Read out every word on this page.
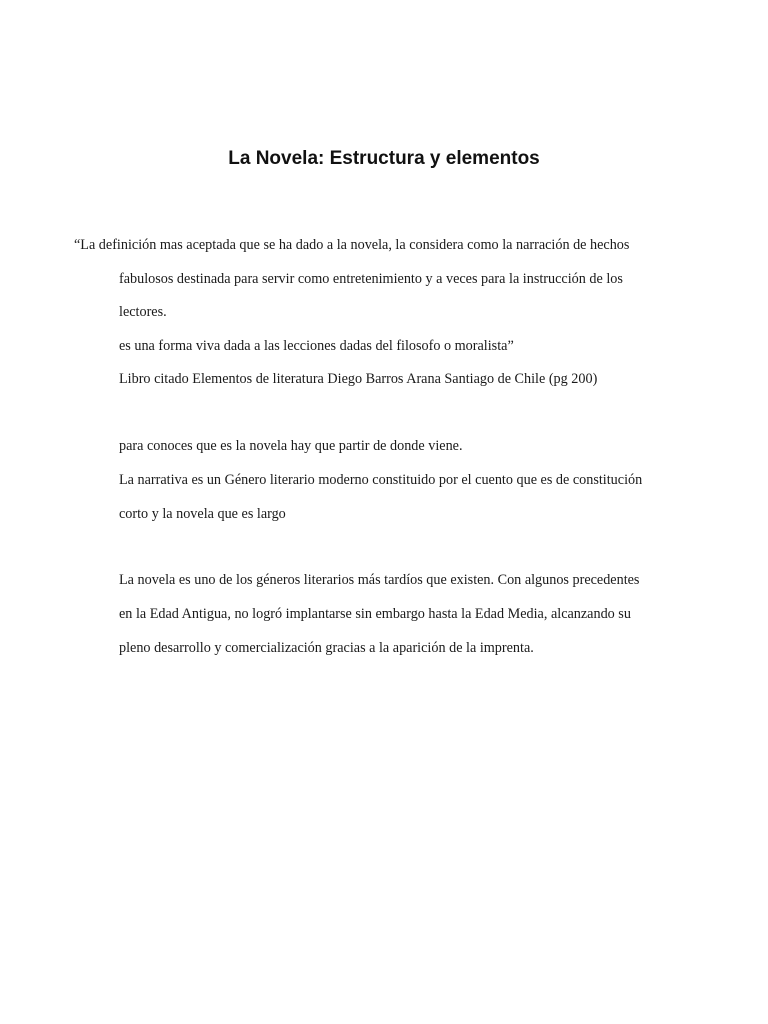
La Novela: Estructura y elementos
“La definición mas aceptada que se ha dado a la novela, la considera como la narración de hechos
fabulosos destinada para servir como entretenimiento y a veces para la instrucción de los
lectores.
es una forma viva dada a las lecciones dadas del filosofo o moralista”
Libro citado Elementos de literatura Diego Barros Arana Santiago de Chile (pg 200)
para conoces que es la novela hay que partir de donde viene.
La narrativa es un Género literario moderno constituido por el cuento que es de constitución
corto y la novela que es largo
La novela es uno de los géneros literarios más tardíos que existen. Con algunos precedentes
en la Edad Antigua, no logró implantarse sin embargo hasta la Edad Media, alcanzando su
pleno desarrollo y comercialización gracias a la aparición de la imprenta.
